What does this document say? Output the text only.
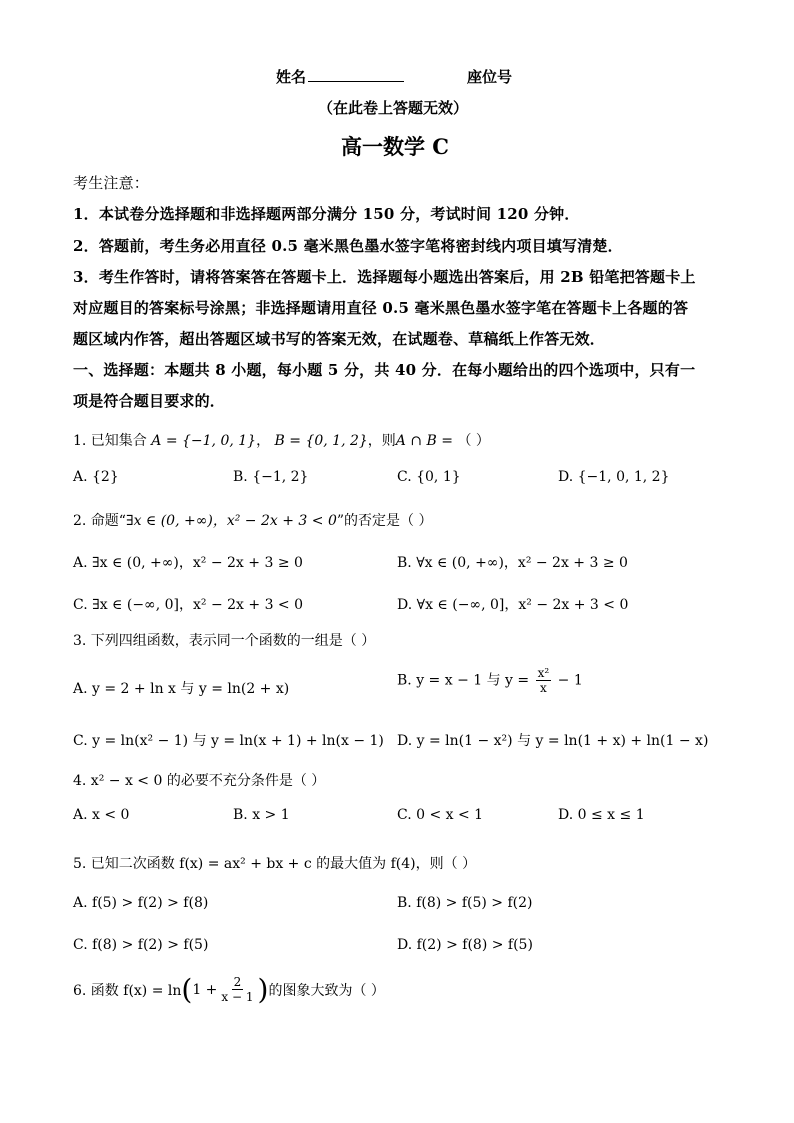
姓名	座位号
（在此卷上答题无效）
高一数学 C
考生注意：
1．本试卷分选择题和非选择题两部分满分 150 分，考试时间 120 分钟．
2．答题前，考生务必用直径 0.5 毫米黑色墨水签字笔将密封线内项目填写清楚．
3．考生作答时，请将答案答在答题卡上．选择题每小题选出答案后，用 2B 铅笔把答题卡上
对应题目的答案标号涂黑；非选择题请用直径 0.5 毫米黑色墨水签字笔在答题卡上各题的答
题区域内作答，超出答题区域书写的答案无效，在试题卷、草稿纸上作答无效．
一、选择题：本题共 8 小题，每小题 5 分，共 40 分．在每小题给出的四个选项中，只有一
项是符合题目要求的．
1. 已知集合 A = {−1, 0, 1}， B = {0, 1, 2}，则A ∩ B = （ ）
A. {2}	B. {−1, 2}	C. {0, 1}	D. {−1, 0, 1, 2}
2. 命题“∃x ∈ (0, +∞)，x² − 2x + 3 < 0”的否定是（ ）
A. ∃x ∈ (0, +∞)，x² − 2x + 3 ≥ 0	B. ∀x ∈ (0, +∞)，x² − 2x + 3 ≥ 0
C. ∃x ∈ (−∞, 0]，x² − 2x + 3 < 0	D. ∀x ∈ (−∞, 0]，x² − 2x + 3 < 0
3. 下列四组函数，表示同一个函数的一组是（ ）
A. y = 2 + ln x 与 y = ln(2 + x)
B. y = x − 1 与 $y = \frac{\text{x²}}{x} - 1$
C. y = ln(x² − 1) 与 y = ln(x + 1) + ln(x − 1) D. y = ln(1 − x²) 与 y = ln(1 + x) + ln(1 − x)
4. x² − x < 0 的必要不充分条件是（ ）
A. x < 0	B. x > 1	C. 0 < x < 1	D. 0 ≤ x ≤ 1
5. 已知二次函数 f(x) = ax² + bx + c 的最大值为 f(4)，则（ ）
A. f(5) > f(2) > f(8)	B. f(8) > f(5) > f(2)
C. f(8) > f(2) > f(5)	D. f(2) > f(8) > f(5)
6. 函数 f(x) = ln ( $1 + \frac{2}{x - 1}$ ) 的图象大致为（ ）
